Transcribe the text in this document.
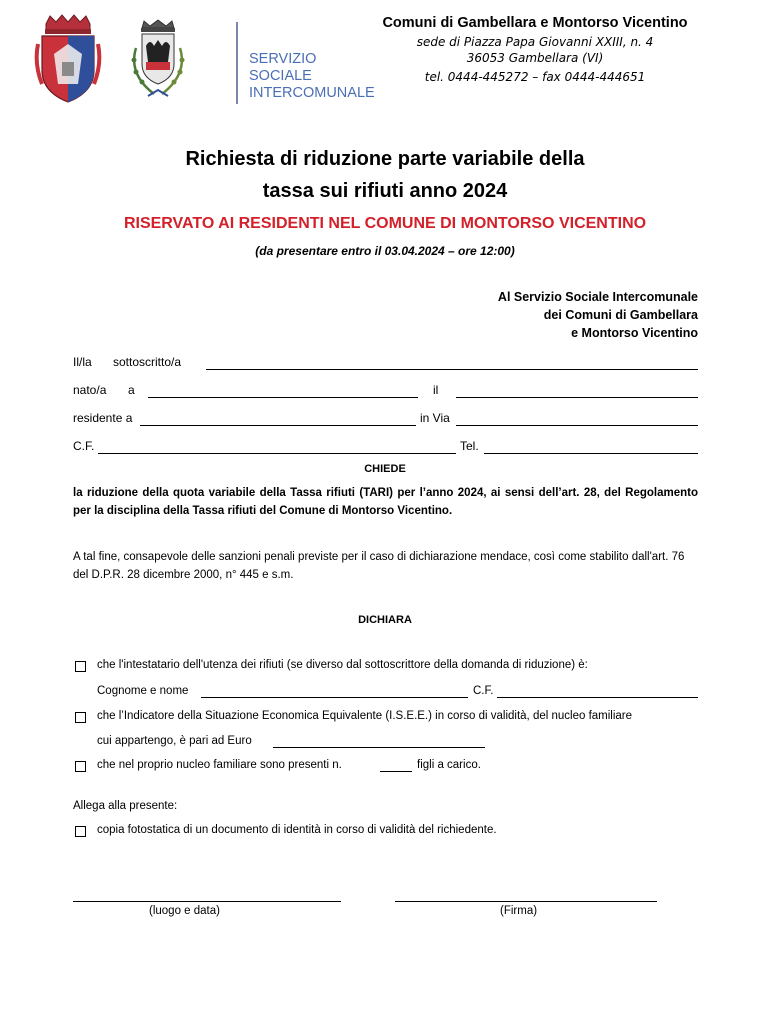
SERVIZIO
SOCIALE
INTERCOMUNALE
Comuni di Gambellara e Montorso Vicentino
sede di Piazza Papa Giovanni XXIII, n. 4
36053 Gambellara (VI)
tel. 0444-445272 – fax 0444-444651
Richiesta di riduzione parte variabile della
tassa sui rifiuti anno 2024
RISERVATO AI RESIDENTI NEL COMUNE DI MONTORSO VICENTINO
(da presentare entro il 03.04.2024 – ore 12:00)
Al Servizio Sociale Intercomunale
dei Comuni di Gambellara
e Montorso Vicentino
Il/la sottoscritto/a
nato/a a	il
residente a	in Via
C.F.	Tel.
CHIEDE
la riduzione della quota variabile della Tassa rifiuti (TARI) per l’anno 2024, ai sensi dell’art. 28, del Regolamento per la disciplina della Tassa rifiuti del Comune di Montorso Vicentino.
A tal fine, consapevole delle sanzioni penali previste per il caso di dichiarazione mendace, così come stabilito dall'art. 76 del D.P.R. 28 dicembre 2000, n° 445 e s.m.
DICHIARA
che l'intestatario dell'utenza dei rifiuti (se diverso dal sottoscrittore della domanda di riduzione) è:
Cognome e nome	C.F.
che l’Indicatore della Situazione Economica Equivalente (I.S.E.E.) in corso di validità, del nucleo familiare
cui appartengo, è pari ad Euro
che nel proprio nucleo familiare sono presenti n.	figli a carico.
Allega alla presente:
copia fotostatica di un documento di identità in corso di validità del richiedente.
(luogo e data)	(Firma)
